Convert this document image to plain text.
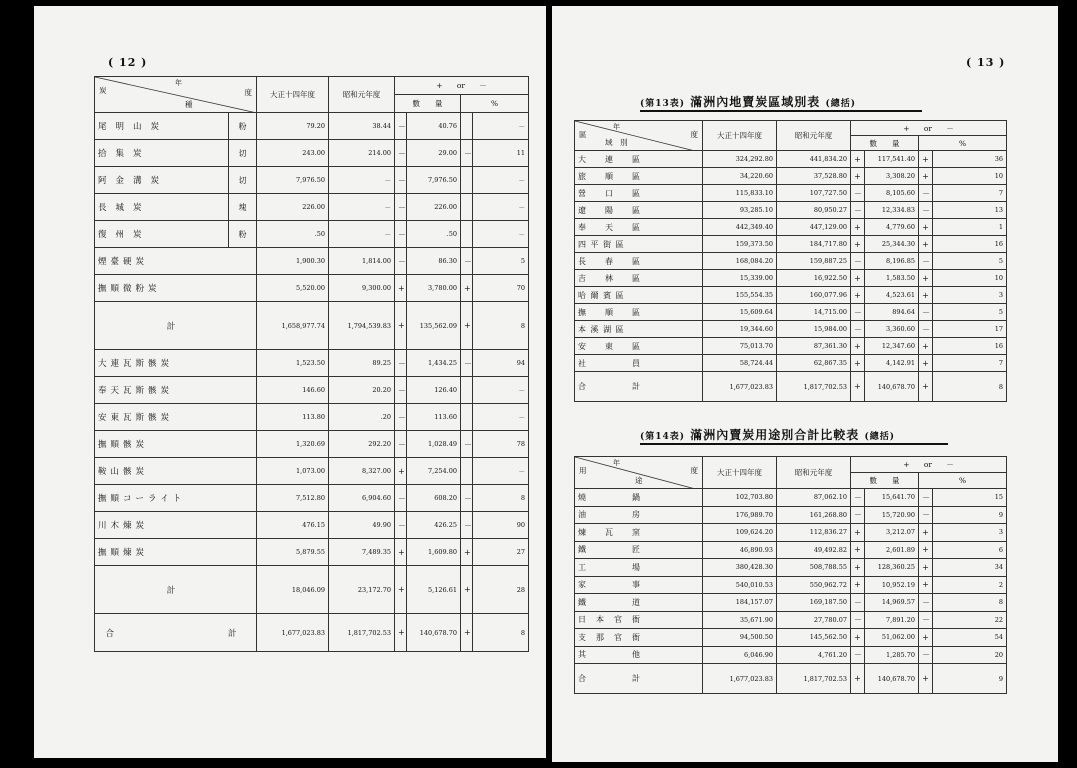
( 12 )
年
度
炭
種		大正十四年度	昭和元年度	+ or －			
				數　　量		%	
尾明山炭	粉	79.20	38.44	－	40.76		－
拾集炭	切	243.00	214.00	－	29.00	－	11
阿金溝炭	切	7,976.50	－	－	7,976.50		－
長城炭	塊	226.00	－	－	226.00		－
復州炭	粉	.50	－	－	.50		－
煙臺硬炭		1,900.30	1,814.00	－	86.30	－	5
撫順微粉炭		5,520.00	9,300.00	+	3,780.00	+	70
計		1,658,977.74	1,794,539.83	+	135,562.09	+	8
大連瓦斯骸炭		1,523.50	89.25	－	1,434.25	－	94
奉天瓦斯骸炭		146.60	20.20	－	126.40		－
安東瓦斯骸炭		113.80	.20	－	113.60		－
撫順骸炭		1,320.69	292.20	－	1,028.49	－	78
鞍山骸炭		1,073.00	8,327.00	+	7,254.00		－
撫順コーライト		7,512.80	6,904.60	－	608.20	－	8
川木煉炭		476.15	49.90	－	426.25	－	90
撫順煉炭		5,879.55	7,489.35	+	1,609.80	+	27
計		18,046.09	23,172.70	+	5,126.61	+	28
合　　　　　　計		1,677,023.83	1,817,702.53	+	140,678.70	+	8
( 13 )
(第13表) 滿洲內地賣炭區域別表 (總括)
年
度
區
域　別	大正十四年度	昭和元年度	+ or －			
			數　　量		%	
大　　連　　區	324,292.80	441,834.20	+	117,541.40	+	36
旅　　順　　區	34,220.60	37,528.80	+	3,308.20	+	10
營　　口　　區	115,833.10	107,727.50	－	8,105.60	－	7
遼　　陽　　區	93,285.10	80,950.27	－	12,334.83	－	13
奉　　天　　區	442,349.40	447,129.00	+	4,779.60	+	1
四 平 街 區	159,373.50	184,717.80	+	25,344.30	+	16
長　　春　　區	168,084.20	159,887.25	－	8,196.85	－	5
吉　　林　　區	15,339.00	16,922.50	+	1,583.50	+	10
哈 爾 賓 區	155,554.35	160,077.96	+	4,523.61	+	3
撫　　順　　區	15,609.64	14,715.00	－	894.64	－	5
本 溪 湖 區	19,344.60	15,984.00	－	3,360.60	－	17
安　　東　　區	75,013.70	87,361.30	+	12,347.60	+	16
社　　　　　員	58,724.44	62,867.35	+	4,142.91	+	7
合　　　　　計	1,677,023.83	1,817,702.53	+	140,678.70	+	8
(第14表) 滿洲內賣炭用途別合計比較表 (總括)
年
度
用
途	大正十四年度	昭和元年度	+ or －			
			數　　量		%	
燒　　　　　鍋	102,703.80	87,062.10	－	15,641.70	－	15
油　　　　　房	176,989.70	161,268.80	－	15,720.90	－	9
煉　　瓦　　窯	109,624.20	112,836.27	+	3,212.07	+	3
鐵　　　　　匠	46,890.93	49,492.82	+	2,601.89	+	6
工　　　　　場	380,428.30	508,788.55	+	128,360.25	+	34
家　　　　　事	540,010.53	550,962.72	+	10,952.19	+	2
鐵　　　　　道	184,157.07	169,187.50	－	14,969.57	－	8
日　本　官　衙	35,671.90	27,780.07	－	7,891.20	－	22
支　那　官　衙	94,500.50	145,562.50	+	51,062.00	+	54
其　　　　　他	6,046.90	4,761.20	－	1,285.70	－	20
合　　　　　計	1,677,023.83	1,817,702.53	+	140,678.70	+	9
